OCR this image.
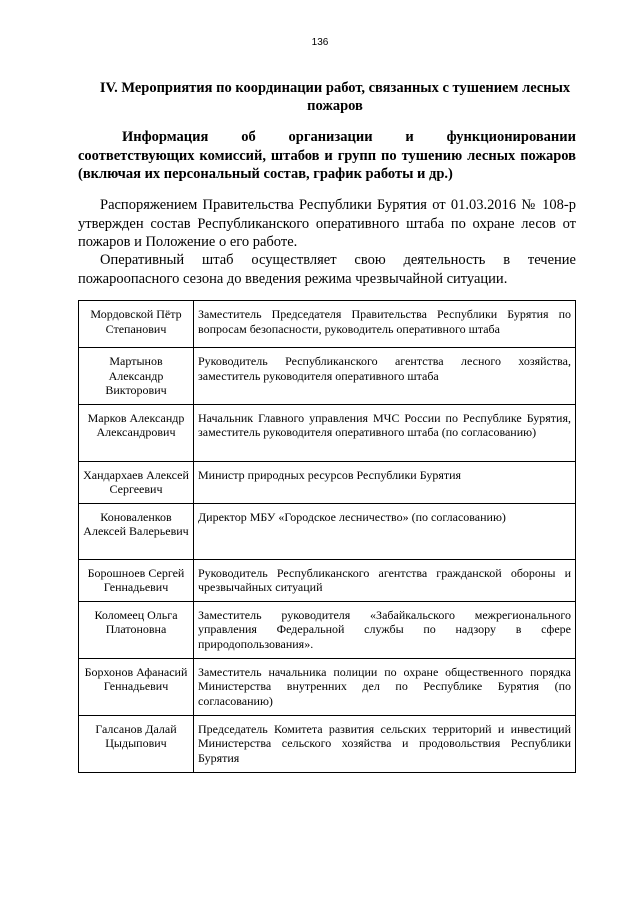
136
IV. Мероприятия по координации работ, связанных с тушением лесных пожаров
Информация об организации и функционировании соответствующих комиссий, штабов и групп по тушению лесных пожаров (включая их персональный состав, график работы и др.)

Распоряжением Правительства Республики Бурятия от 01.03.2016 № 108-р утвержден состав Республиканского оперативного штаба по охране лесов от пожаров и Положение о его работе.

Оперативный штаб осуществляет свою деятельность в течение пожароопасного сезона до введения режима чрезвычайной ситуации.

Мордовской Пётр Степанович	Заместитель Председателя Правительства Республики Бурятия по вопросам безопасности, руководитель оперативного штаба
Мартынов Александр Викторович	Руководитель Республиканского агентства лесного хозяйства, заместитель руководителя оперативного штаба
Марков Александр Александрович	Начальник Главного управления МЧС России по Республике Бурятия, заместитель руководителя оперативного штаба (по согласованию)
Хандархаев Алексей Сергеевич	Министр природных ресурсов Республики Бурятия
Коноваленков Алексей Валерьевич	Директор МБУ «Городское лесничество» (по согласованию)
Борошноев Сергей Геннадьевич	Руководитель Республиканского агентства гражданской обороны и чрезвычайных ситуаций
Коломеец Ольга Платоновна	Заместитель руководителя «Забайкальского межрегионального управления Федеральной службы по надзору в сфере природопользования».
Борхонов Афанасий Геннадьевич	Заместитель начальника полиции по охране общественного порядка Министерства внутренних дел по Республике Бурятия (по согласованию)
Галсанов Далай Цыдыпович	Председатель Комитета развития сельских территорий и инвестиций Министерства сельского хозяйства и продовольствия Республики Бурятия
